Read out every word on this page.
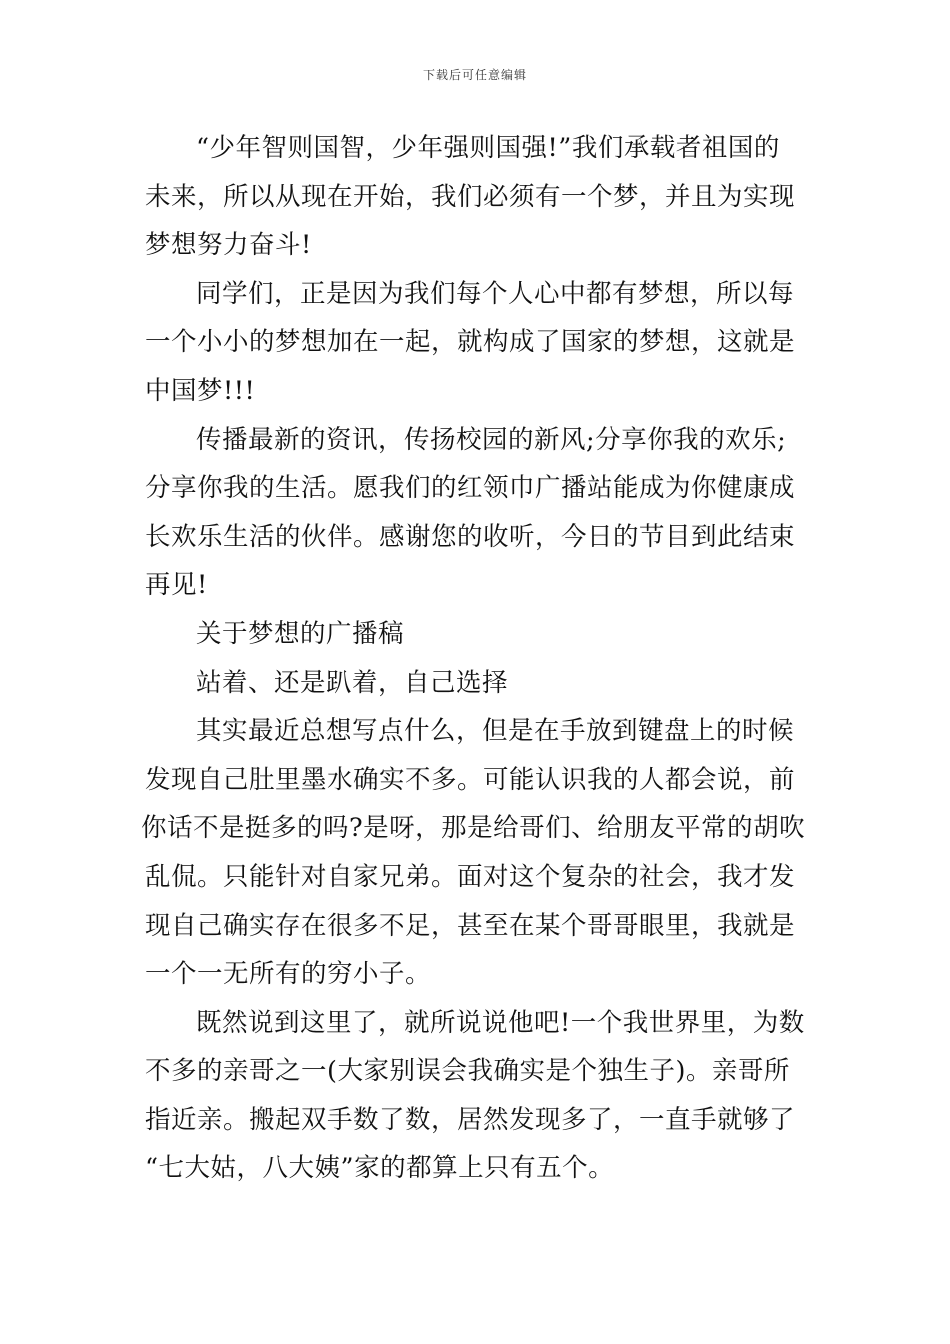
下载后可任意编辑
“少年智则国智，少年强则国强!”我们承载者祖国的
未来，所以从现在开始，我们必须有一个梦，并且为实现
梦想努力奋斗!
同学们，正是因为我们每个人心中都有梦想，所以每
一个小小的梦想加在一起，就构成了国家的梦想，这就是
中国梦!!!
传播最新的资讯，传扬校园的新风;分享你我的欢乐;
分享你我的生活。愿我们的红领巾广播站能成为你健康成
长欢乐生活的伙伴。感谢您的收听，今日的节目到此结束
再见!
关于梦想的广播稿
站着、还是趴着，自己选择
其实最近总想写点什么，但是在手放到键盘上的时候
发现自己肚里墨水确实不多。可能认识我的人都会说，前
你话不是挺多的吗?是呀，那是给哥们、给朋友平常的胡吹
乱侃。只能针对自家兄弟。面对这个复杂的社会，我才发
现自己确实存在很多不足，甚至在某个哥哥眼里，我就是
一个一无所有的穷小子。
既然说到这里了，就所说说他吧!一个我世界里，为数
不多的亲哥之一(大家别误会我确实是个独生子)。亲哥所
指近亲。搬起双手数了数，居然发现多了，一直手就够了
“七大姑，八大姨”家的都算上只有五个。
